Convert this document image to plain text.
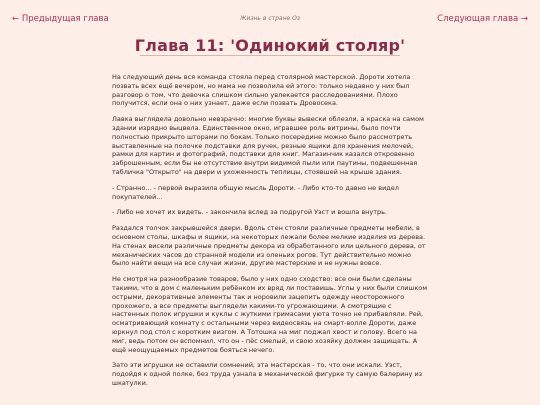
← Предыдущая глава	Жизнь в стране Оз	Следующая глава →
Глава 11: 'Одинокий столяр'

На следующий день вся команда стояла перед столярной мастерской. Дороти хотела позвать всех ещё вечером, но мама не позволила ей этого: только недавно у них был разговор о том, что девочка слишком сильно увлекается расследованиями. Плохо получится, если она о них узнает, даже если позвать Дровосека.

Лавка выглядела довольно невзрачно: многие буквы вывески облезли, а краска на самом здании изрядно выцвела. Единственное окно, игравшее роль витрины, было почти полностью прикрыто шторами по бокам. Только посередине можно было рассмотреть выставленные на полочке подставки для ручек, резные ящики для хранения мелочей, рамки для картин и фотографий, подставки для книг. Магазинчик казался откровенно заброшенным, если бы не отсутствие внутри видимой пыли или паутины, подвешенная табличка "Открыто" на двери и ухоженность теплицы, стоявшей на крыше здания.

- Странно... - первой выразила общую мысль Дороти. - Либо кто-то давно не видел покупателей...

- Либо не хочет их видеть. - закончила вслед за подругой Уэст и вошла внутрь.

Раздался толчок закрывшейся двери. Вдоль стен стояли различные предметы мебели, в основном столы, шкафы и ящики, на некоторых лежали более мелкие изделия из дерева. На стенах висели различные предметы декора из обработанного или цельного дерева, от механических часов до странной модели из оленьих рогов. Тут действительно можно было найти вещи на все случаи жизни, другие мастерские и не нужны вовсе.

Не смотря на разнообразие товаров, было у них одно сходство: все они были сделаны такими, что в дом с маленьким ребёнком их вряд ли поставишь. Углы у них были слишком острыми, декоративные элементы так и норовили зацепить одежду неосторожного прохожего, а все предметы выглядели какими-то угрожающими. А смотрящие с настенных полок игрушки и куклы с жуткими гримасами уюта точно не прибавляли. Рей, осматривающий комнату с остальными через видеосвязь на смарт-волле Дороти, даже юркнул под стол с коротким визгом. А Тотошка на миг поджал хвост и голову. Всего на миг, ведь потом он вспомнил, что он - пёс смелый, и свою хозяйку должен защищать. А ещё неощущаемых предметов бояться нечего.

Зато эти игрушки не оставили сомнений, эта мастерская - то, что они искали. Уэст, подойдя к одной полке, без труда узнала в механической фигурке ту самую балерину из шкатулки.
